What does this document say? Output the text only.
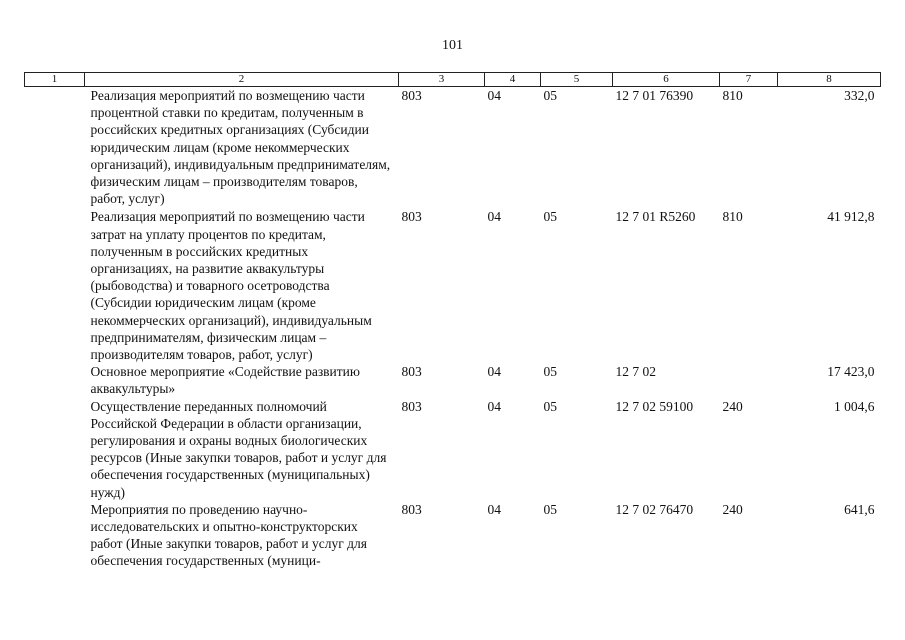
101
1	2	3	4	5	6	7	8
	Реализация мероприятий по возмещению части процентной ставки по кредитам, полученным в российских кредитных организациях (Субсидии юридическим лицам (кроме некоммерческих организаций), индивидуальным предпринимателям, физическим лицам – производителям товаров, работ, услуг)	803	04	05	12 7 01 76390	810	332,0
	Реализация мероприятий по возмещению части затрат на уплату процентов по кредитам, полученным в российских кредитных организациях, на развитие аквакультуры (рыбоводства) и товарного осетроводства (Субсидии юридическим лицам (кроме некоммерческих организаций), индивидуальным предпринимателям, физическим лицам – производителям товаров, работ, услуг)	803	04	05	12 7 01 R5260	810	41 912,8
	Основное мероприятие «Содействие развитию аквакультуры»	803	04	05	12 7 02		17 423,0
	Осуществление переданных полномочий Российской Федерации в области организации, регулирования и охраны водных биологических ресурсов (Иные закупки товаров, работ и услуг для обеспечения государственных (муниципальных) нужд)	803	04	05	12 7 02 59100	240	1 004,6
	Мероприятия по проведению научно-исследовательских и опытно-конструкторских работ (Иные закупки товаров, работ и услуг для обеспечения государственных (муници-	803	04	05	12 7 02 76470	240	641,6
